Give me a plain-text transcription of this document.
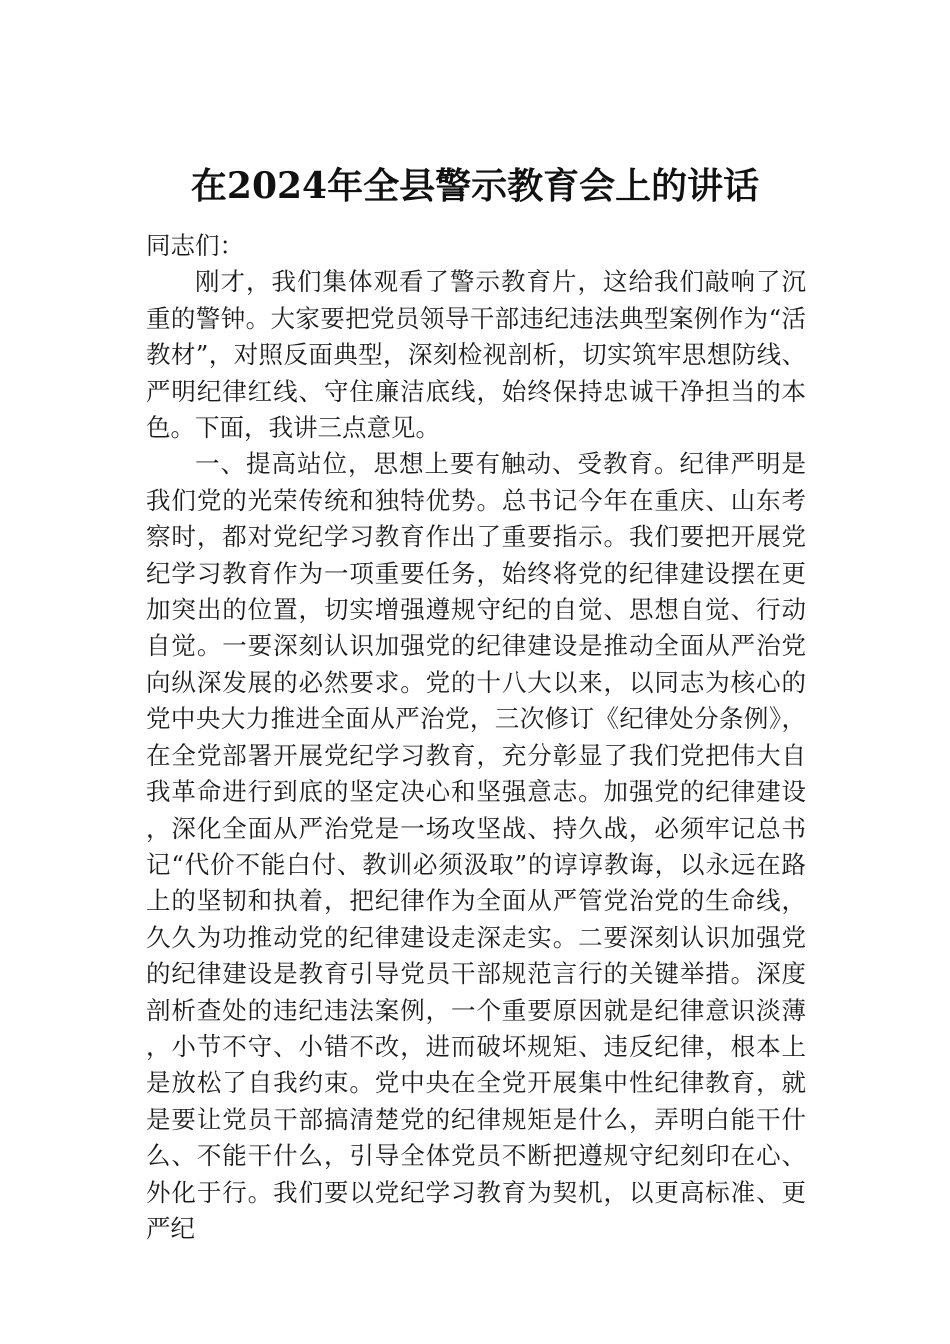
在2024年全县警示教育会上的讲话

同志们：

刚才，我们集体观看了警示教育片，这给我们敲响了沉重的警钟。大家要把党员领导干部违纪违法典型案例作为“活教材”，对照反面典型，深刻检视剖析，切实筑牢思想防线、严明纪律红线、守住廉洁底线，始终保持忠诚干净担当的本色。下面，我讲三点意见。

一、提高站位，思想上要有触动、受教育。纪律严明是我们党的光荣传统和独特优势。总书记今年在重庆、山东考察时，都对党纪学习教育作出了重要指示。我们要把开展党纪学习教育作为一项重要任务，始终将党的纪律建设摆在更加突出的位置，切实增强遵规守纪的自觉、思想自觉、行动自觉。一要深刻认识加强党的纪律建设是推动全面从严治党向纵深发展的必然要求。党的十八大以来，以同志为核心的党中央大力推进全面从严治党，三次修订《纪律处分条例》，在全党部署开展党纪学习教育，充分彰显了我们党把伟大自我革命进行到底的坚定决心和坚强意志。加强党的纪律建设，深化全面从严治党是一场攻坚战、持久战，必须牢记总书记“代价不能白付、教训必须汲取”的谆谆教诲，以永远在路上的坚韧和执着，把纪律作为全面从严管党治党的生命线，久久为功推动党的纪律建设走深走实。二要深刻认识加强党的纪律建设是教育引导党员干部规范言行的关键举措。深度剖析查处的违纪违法案例，一个重要原因就是纪律意识淡薄，小节不守、小错不改，进而破坏规矩、违反纪律，根本上是放松了自我约束。党中央在全党开展集中性纪律教育，就是要让党员干部搞清楚党的纪律规矩是什么，弄明白能干什么、不能干什么，引导全体党员不断把遵规守纪刻印在心、外化于行。我们要以党纪学习教育为契机，以更高标准、更严纪
